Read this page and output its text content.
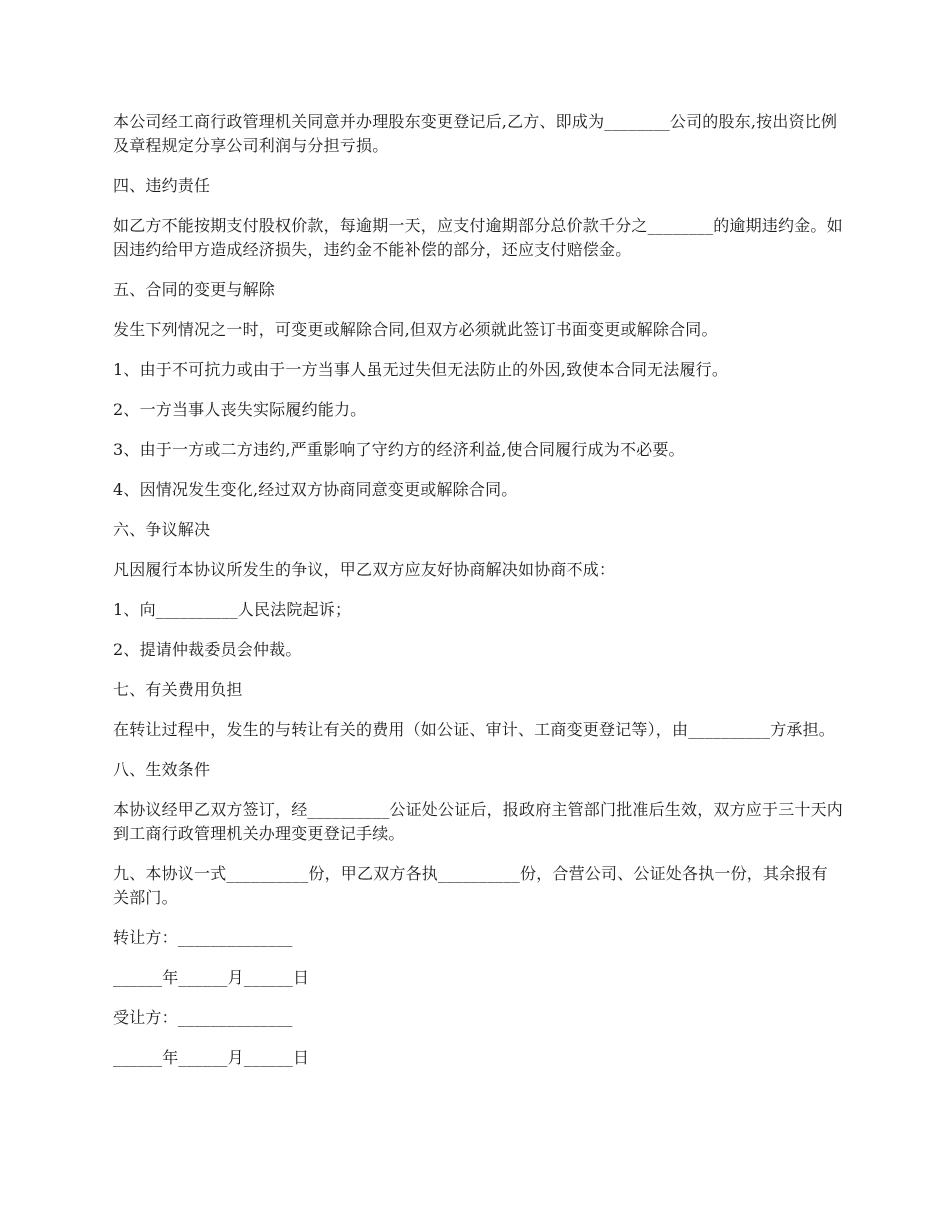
本公司经工商行政管理机关同意并办理股东变更登记后,乙方、即成为________公司的股东,按出资比例及章程规定分享公司利润与分担亏损。

四、违约责任

如乙方不能按期支付股权价款，每逾期一天，应支付逾期部分总价款千分之________的逾期违约金。如因违约给甲方造成经济损失，违约金不能补偿的部分，还应支付赔偿金。

五、合同的变更与解除

发生下列情况之一时，可变更或解除合同,但双方必须就此签订书面变更或解除合同。

1、由于不可抗力或由于一方当事人虽无过失但无法防止的外因,致使本合同无法履行。

2、一方当事人丧失实际履约能力。

3、由于一方或二方违约,严重影响了守约方的经济利益,使合同履行成为不必要。

4、因情况发生变化,经过双方协商同意变更或解除合同。

六、争议解决

凡因履行本协议所发生的争议，甲乙双方应友好协商解决如协商不成：

1、向__________人民法院起诉；

2、提请仲裁委员会仲裁。

七、有关费用负担

在转让过程中，发生的与转让有关的费用（如公证、审计、工商变更登记等），由__________方承担。

八、生效条件

本协议经甲乙双方签订，经__________公证处公证后，报政府主管部门批准后生效，双方应于三十天内到工商行政管理机关办理变更登记手续。

九、本协议一式__________份，甲乙双方各执__________份，合营公司、公证处各执一份，其余报有关部门。

转让方：______________

______年______月______日

受让方：______________

______年______月______日
